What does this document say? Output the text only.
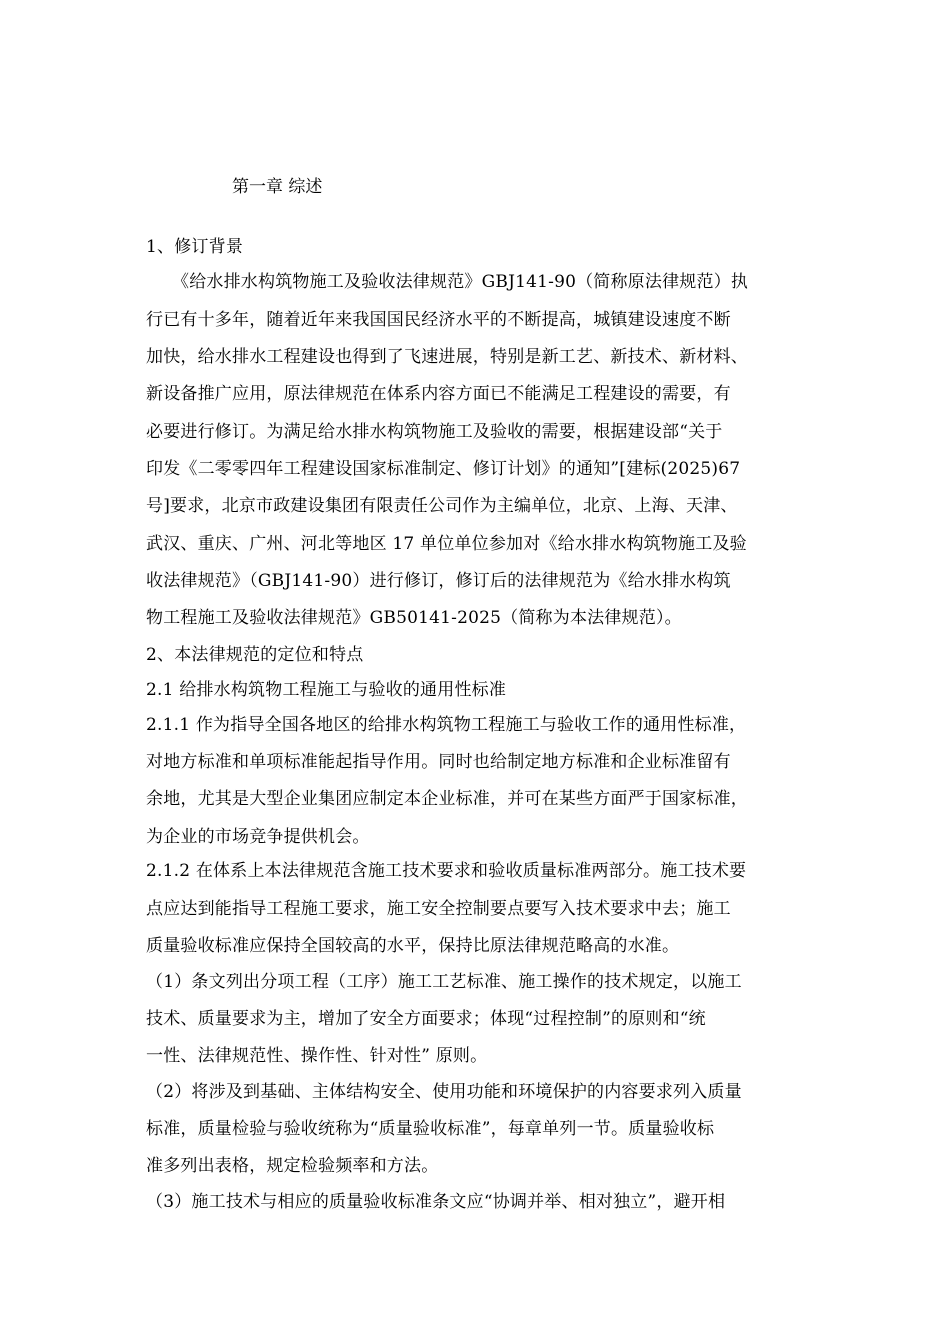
第一章 综述
1、修订背景
《给水排水构筑物施工及验收法律规范》GBJ141-90（简称原法律规范）执
行已有十多年，随着近年来我国国民经济水平的不断提高，城镇建设速度不断
加快，给水排水工程建设也得到了飞速进展，特别是新工艺、新技术、新材料、
新设备推广应用，原法律规范在体系内容方面已不能满足工程建设的需要，有
必要进行修订。为满足给水排水构筑物施工及验收的需要，根据建设部“关于
印发《二零零四年工程建设国家标准制定、修订计划》的通知”[建标(2025)67
号]要求，北京市政建设集团有限责任公司作为主编单位，北京、上海、天津、
武汉、重庆、广州、河北等地区 17 单位单位参加对《给水排水构筑物施工及验
收法律规范》（GBJ141-90）进行修订，修订后的法律规范为《给水排水构筑
物工程施工及验收法律规范》GB50141-2025（简称为本法律规范）。
2、本法律规范的定位和特点
2.1 给排水构筑物工程施工与验收的通用性标准
2.1.1 作为指导全国各地区的给排水构筑物工程施工与验收工作的通用性标准，
对地方标准和单项标准能起指导作用。同时也给制定地方标准和企业标准留有
余地，尤其是大型企业集团应制定本企业标准，并可在某些方面严于国家标准，
为企业的市场竞争提供机会。
2.1.2 在体系上本法律规范含施工技术要求和验收质量标准两部分。施工技术要
点应达到能指导工程施工要求，施工安全控制要点要写入技术要求中去；施工
质量验收标准应保持全国较高的水平，保持比原法律规范略高的水准。
（1）条文列出分项工程（工序）施工工艺标准、施工操作的技术规定，以施工
技术、质量要求为主，增加了安全方面要求；体现“过程控制”的原则和“统
一性、法律规范性、操作性、针对性” 原则。
（2）将涉及到基础、主体结构安全、使用功能和环境保护的内容要求列入质量
标准，质量检验与验收统称为“质量验收标准”，每章单列一节。质量验收标
准多列出表格，规定检验频率和方法。
（3）施工技术与相应的质量验收标准条文应“协调并举、相对独立”，避开相
